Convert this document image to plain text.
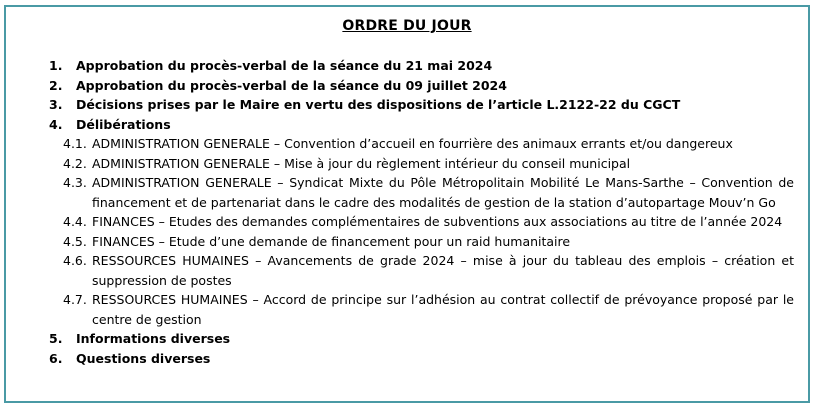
ORDRE DU JOUR
1. Approbation du procès-verbal de la séance du 21 mai 2024
2. Approbation du procès-verbal de la séance du 09 juillet 2024
3. Décisions prises par le Maire en vertu des dispositions de l’article L.2122-22 du CGCT
4. Délibérations
4.1. ADMINISTRATION GENERALE – Convention d’accueil en fourrière des animaux errants et/ou dangereux
4.2. ADMINISTRATION GENERALE – Mise à jour du règlement intérieur du conseil municipal
4.3. ADMINISTRATION GENERALE – Syndicat Mixte du Pôle Métropolitain Mobilité Le Mans-Sarthe – Convention de financement et de partenariat dans le cadre des modalités de gestion de la station d’autopartage Mouv’n Go
4.4. FINANCES – Etudes des demandes complémentaires de subventions aux associations au titre de l’année 2024
4.5. FINANCES – Etude d’une demande de financement pour un raid humanitaire
4.6. RESSOURCES HUMAINES – Avancements de grade 2024 – mise à jour du tableau des emplois – création et suppression de postes
4.7. RESSOURCES HUMAINES – Accord de principe sur l’adhésion au contrat collectif de prévoyance proposé par le centre de gestion
5. Informations diverses
6. Questions diverses
